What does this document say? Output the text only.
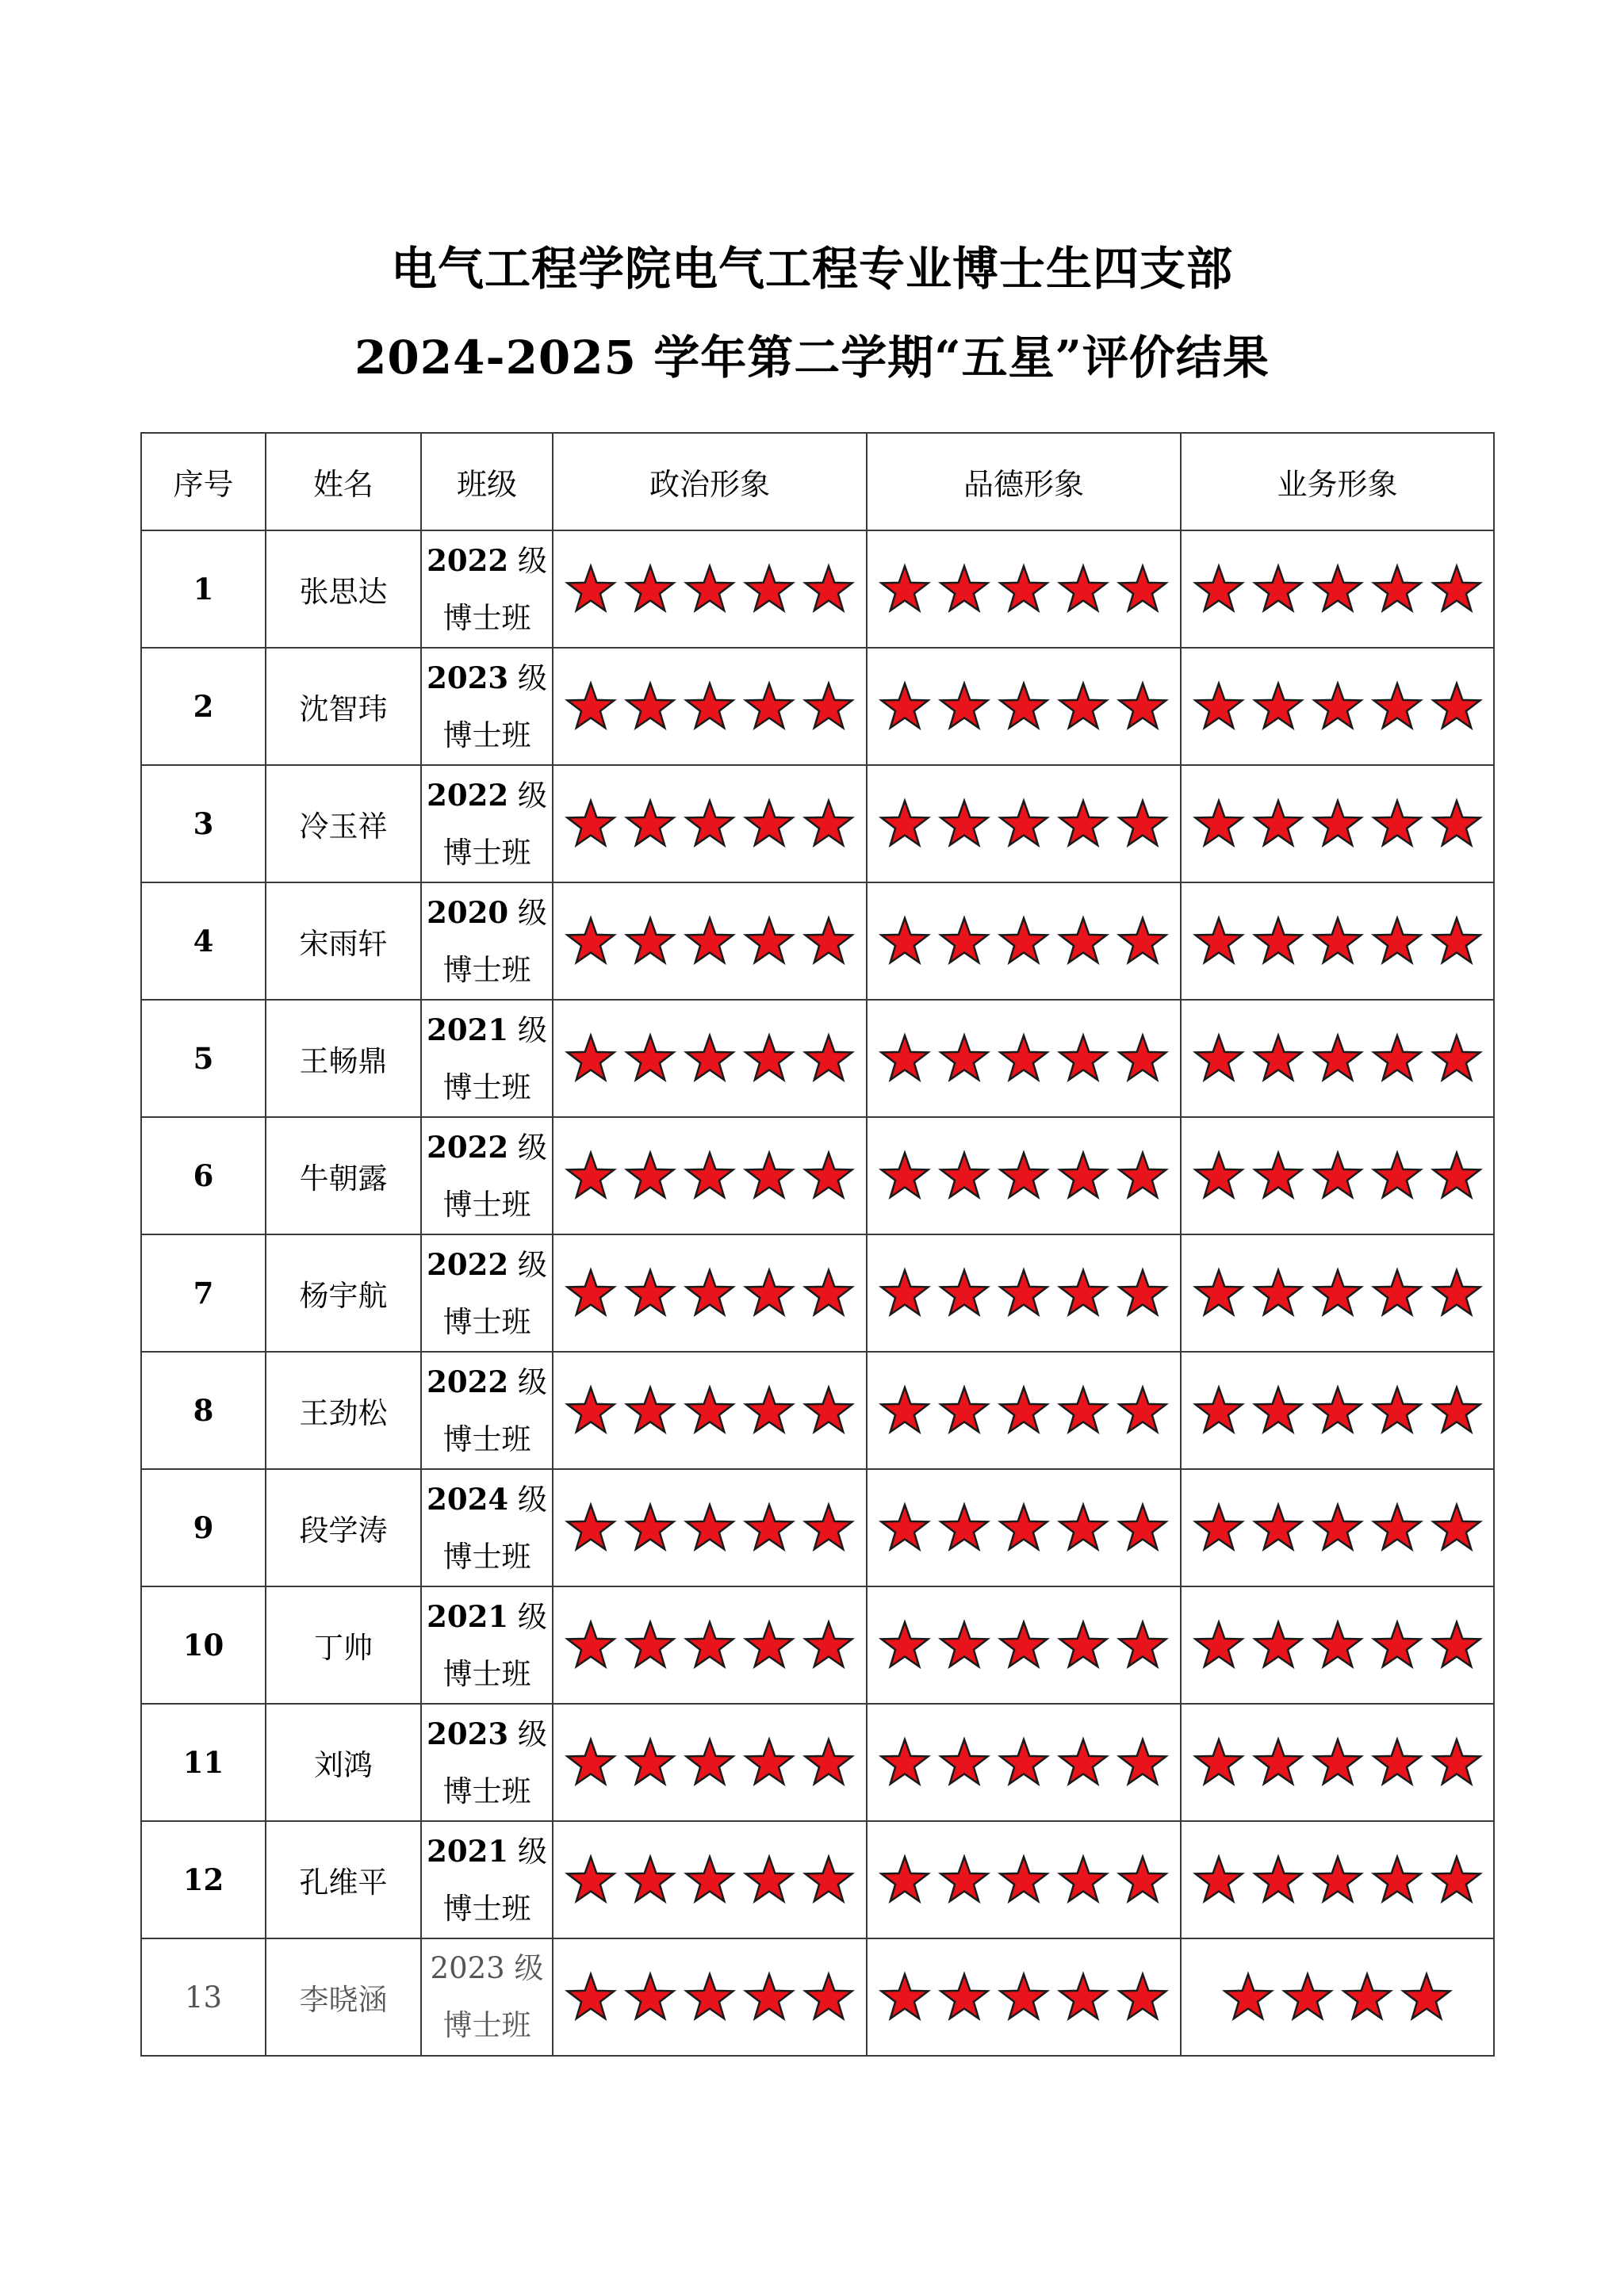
电气工程学院电气工程专业博士生四支部
2024-2025 学年第二学期“五星”评价结果
序号	姓名	班级	政治形象	品德形象	业务形象
1	张思达	2022 级
博士班

2	沈智玮	2023 级
博士班

3	冷玉祥	2022 级
博士班

4	宋雨轩	2020 级
博士班

5	王畅鼎	2021 级
博士班

6	牛朝露	2022 级
博士班

7	杨宇航	2022 级
博士班

8	王劲松	2022 级
博士班

9	段学涛	2024 级
博士班

10	丁帅	2021 级
博士班

11	刘鸿	2023 级
博士班

12	孔维平	2021 级
博士班

13	李晓涵	2023 级
博士班
